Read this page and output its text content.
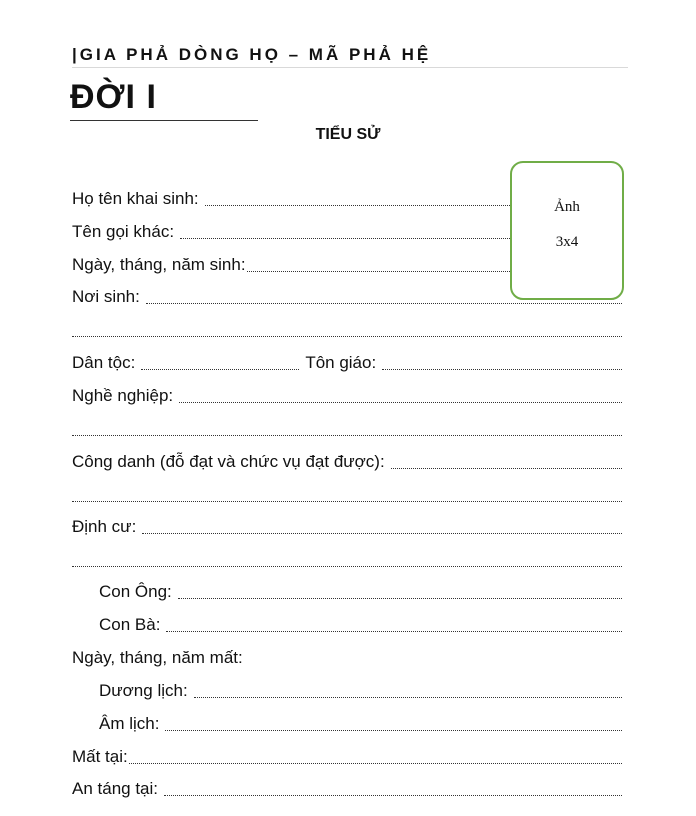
|GIA PHẢ DÒNG HỌ – MÃ PHẢ HỆ
ĐỜI I
TIỂU SỬ
Họ tên khai sinh:
Tên gọi khác:
Ngày, tháng, năm sinh:
Nơi sinh:
Dân tộc:	Tôn giáo:
Nghề nghiệp:
Công danh (đỗ đạt và chức vụ đạt được):
Định cư:
Con Ông:
Con Bà:
Ngày, tháng, năm mất:
Dương lịch:
Âm lịch:
Mất tại:
An táng tại:
Ảnh
3x4
